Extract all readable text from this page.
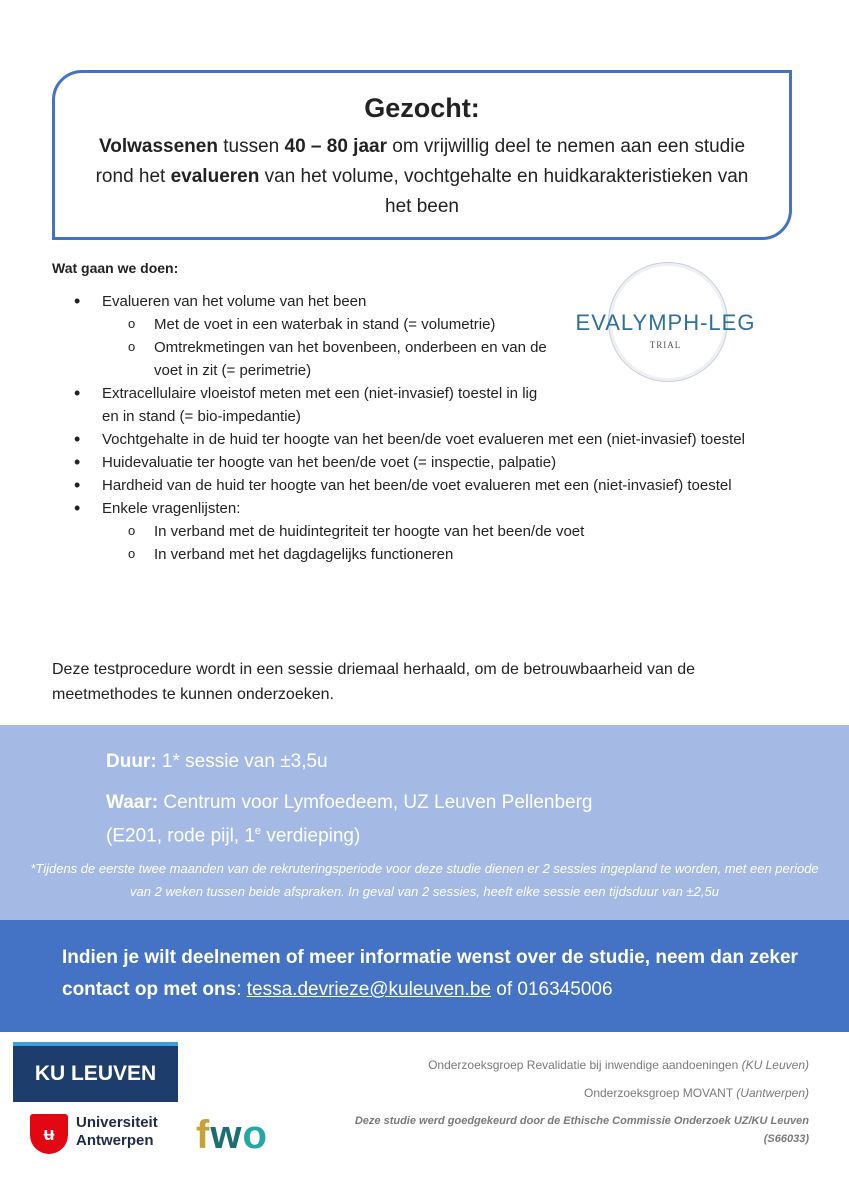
Gezocht:

Volwassenen tussen 40 – 80 jaar om vrijwillig deel te nemen aan een studie rond het evalueren van het volume, vochtgehalte en huidkarakteristieken van het been

Wat gaan we doen:
• Evalueren van het volume van het been
o Met de voet in een waterbak in stand (= volumetrie)
o Omtrekmetingen van het bovenbeen, onderbeen en van de voet in zit (= perimetrie)
• Extracellulaire vloeistof meten met een (niet-invasief) toestel in lig en in stand (= bio-impedantie)
• Vochtgehalte in de huid ter hoogte van het been/de voet evalueren met een (niet-invasief) toestel
• Huidevaluatie ter hoogte van het been/de voet (= inspectie, palpatie)
• Hardheid van de huid ter hoogte van het been/de voet evalueren met een (niet-invasief) toestel
• Enkele vragenlijsten:
o In verband met de huidintegriteit ter hoogte van het been/de voet
o In verband met het dagdagelijks functioneren
EVALYMPH-LEG
TRIAL
Deze testprocedure wordt in een sessie driemaal herhaald, om de betrouwbaarheid van de meetmethodes te kunnen onderzoeken.
Duur: 1* sessie van ±3,5u
Waar: Centrum voor Lymfoedeem, UZ Leuven Pellenberg
(E201, rode pijl, 1e verdieping)
*Tijdens de eerste twee maanden van de rekruteringsperiode voor deze studie dienen er 2 sessies ingepland te worden, met een periode van 2 weken tussen beide afspraken. In geval van 2 sessies, heeft elke sessie een tijdsduur van ±2,5u

Indien je wilt deelnemen of meer informatie wenst over de studie, neem dan zeker contact op met ons: tessa.devrieze@kuleuven.be of 016345006

KU LEUVEN
ʉ
Universiteit
Antwerpen fwo
Onderzoeksgroep Revalidatie bij inwendige aandoeningen (KU Leuven)
Onderzoeksgroep MOVANT (Uantwerpen)
Deze studie werd goedgekeurd door de Ethische Commissie Onderzoek UZ/KU Leuven
(S66033)
